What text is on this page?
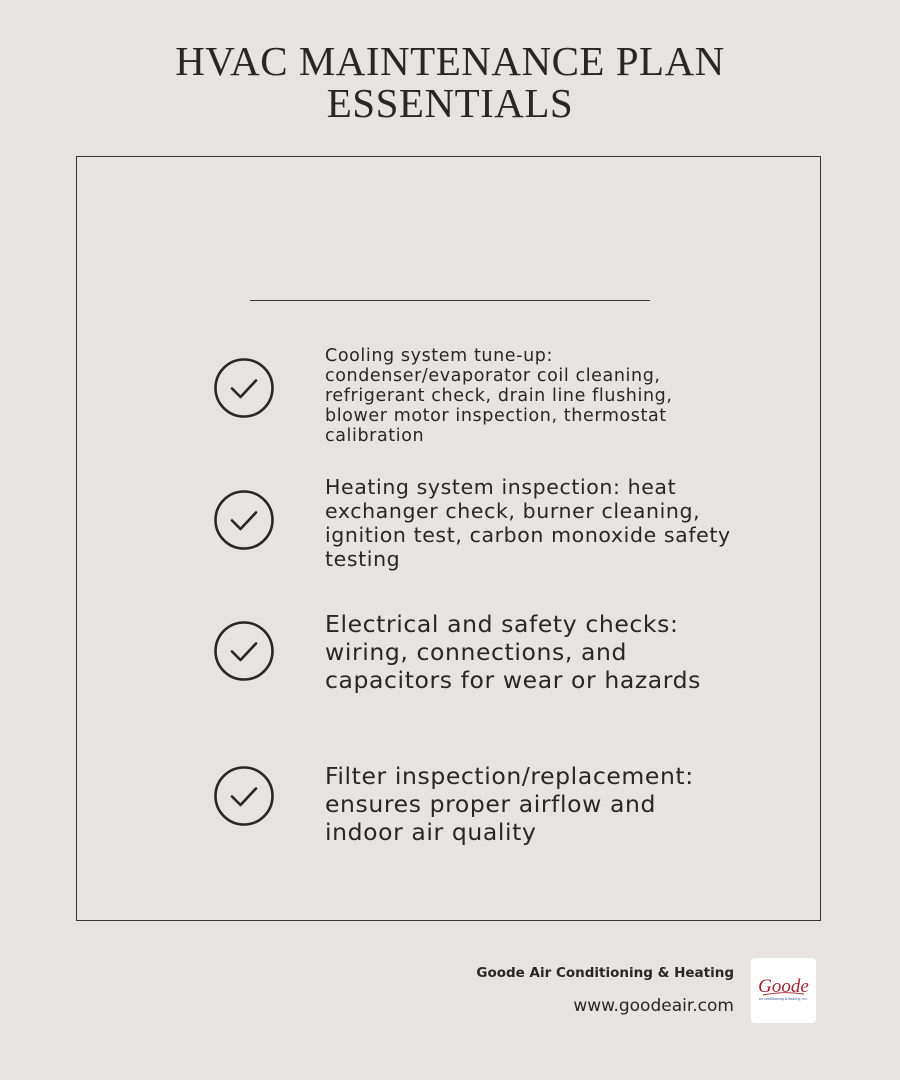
HVAC MAINTENANCE PLAN
ESSENTIALS
Cooling system tune-up: condenser/evaporator coil cleaning, refrigerant check, drain line flushing, blower motor inspection, thermostat calibration
Heating system inspection: heat exchanger check, burner cleaning, ignition test, carbon monoxide safety testing
Electrical and safety checks: wiring, connections, and capacitors for wear or hazards
Filter inspection/replacement: ensures proper airflow and indoor air quality
Goode Air Conditioning & Heating
www.goodeair.com
Goode
air conditioning & heating, inc.
